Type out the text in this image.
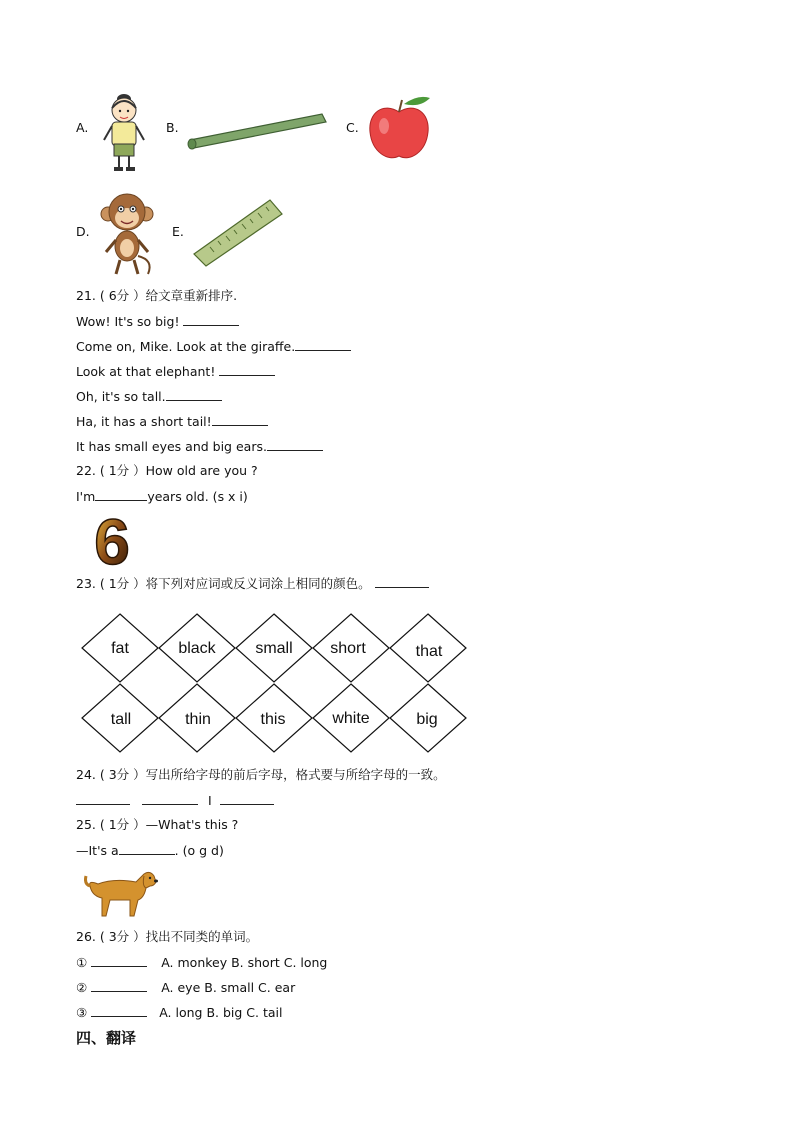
A.	B.	C.
D.	E.
21. ( 6分 ）给文章重新排序.
Wow! It's so big!
Come on, Mike. Look at the giraffe.
Look at that elephant!
Oh, it's so tall.
Ha, it has a short tail!
It has small eyes and big ears.
22. ( 1分 ）How old are you ?
I'm	years old. (s x i)
6
23. ( 1分 ）将下列对应词或反义词涂上相同的颜色。
fat	black small short	that
tall	thin	this	white	big
24. ( 3分 ）写出所给字母的前后字母，格式要与所给字母的一致。
I
25. ( 1分 ）—What's this ?
—It's a	. (o g d)
26. ( 3分 ）找出不同类的单词。
①	A. monkey B. short C. long
②	A. eye B. small C. ear
③	A. long B. big C. tail
四、翻译
